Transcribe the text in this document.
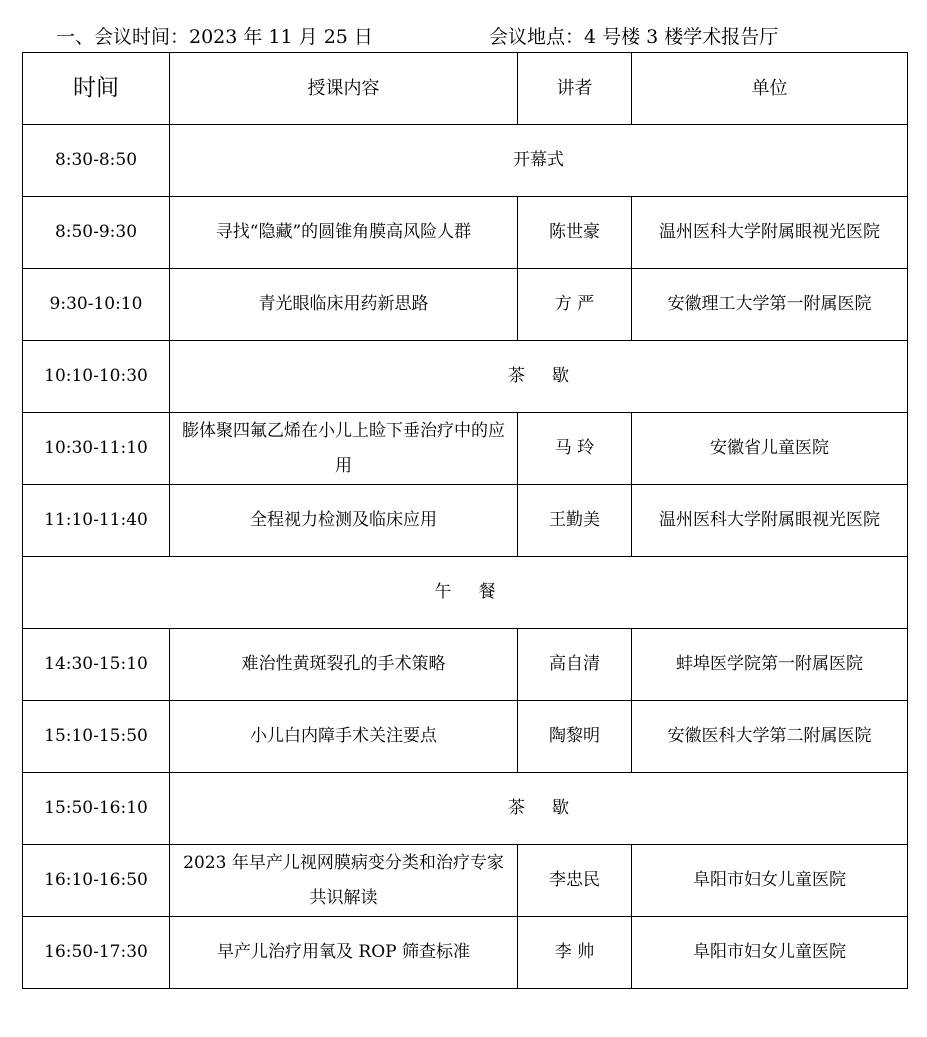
一、会议时间：2023 年 11 月 25 日	会议地点：4 号楼 3 楼学术报告厅
时间	授课内容	讲者	单位
8:30-8:50	开幕式		
8:50-9:30	寻找“隐藏”的圆锥角膜高风险人群	陈世豪	温州医科大学附属眼视光医院
9:30-10:10	青光眼临床用药新思路	方 严	安徽理工大学第一附属医院
10:10-10:30	茶     歇		
10:30-11:10	膨体聚四氟乙烯在小儿上睑下垂治疗中的应用	马 玲	安徽省儿童医院
11:10-11:40	全程视力检测及临床应用	王勤美	温州医科大学附属眼视光医院
午     餐			
14:30-15:10	难治性黄斑裂孔的手术策略	高自清	蚌埠医学院第一附属医院
15:10-15:50	小儿白内障手术关注要点	陶黎明	安徽医科大学第二附属医院
15:50-16:10	茶     歇		
16:10-16:50	2023 年早产儿视网膜病变分类和治疗专家共识解读	李忠民	阜阳市妇女儿童医院
16:50-17:30	早产儿治疗用氧及 ROP 筛查标准	李 帅	阜阳市妇女儿童医院
